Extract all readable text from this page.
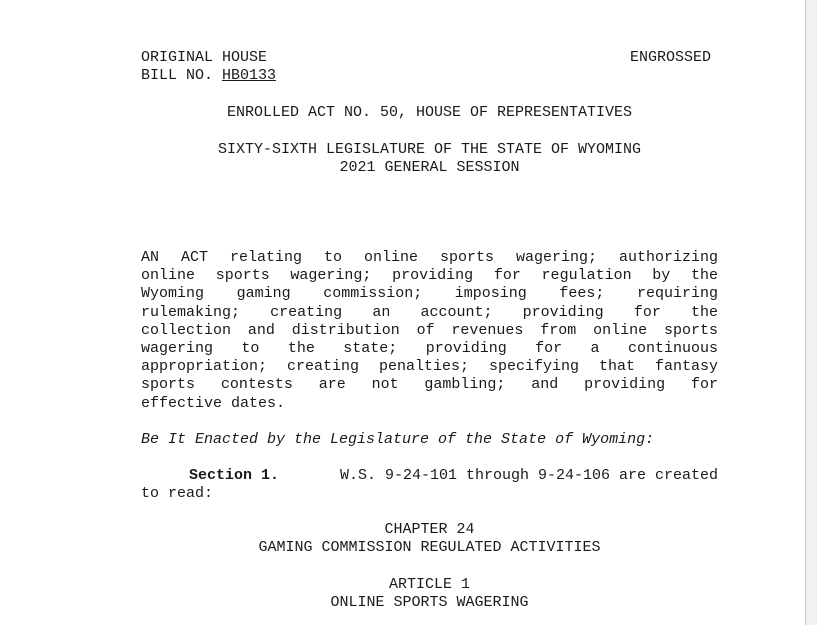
ORIGINAL HOUSE
BILL NO. HB0133
ENGROSSED
ENROLLED ACT NO. 50, HOUSE OF REPRESENTATIVES
SIXTY-SIXTH LEGISLATURE OF THE STATE OF WYOMING
2021 GENERAL SESSION
AN ACT relating to online sports wagering; authorizing
online sports wagering; providing for regulation by the
Wyoming gaming commission; imposing fees; requiring
rulemaking; creating an account; providing for the
collection and distribution of revenues from online sports
wagering to the state; providing for a continuous
appropriation; creating penalties; specifying that fantasy
sports contests are not gambling; and providing for
effective dates.
Be It Enacted by the Legislature of the State of Wyoming:
Section 1.	W.S. 9-24-101 through 9-24-106 are created
to read:
CHAPTER 24
GAMING COMMISSION REGULATED ACTIVITIES
ARTICLE 1
ONLINE SPORTS WAGERING
